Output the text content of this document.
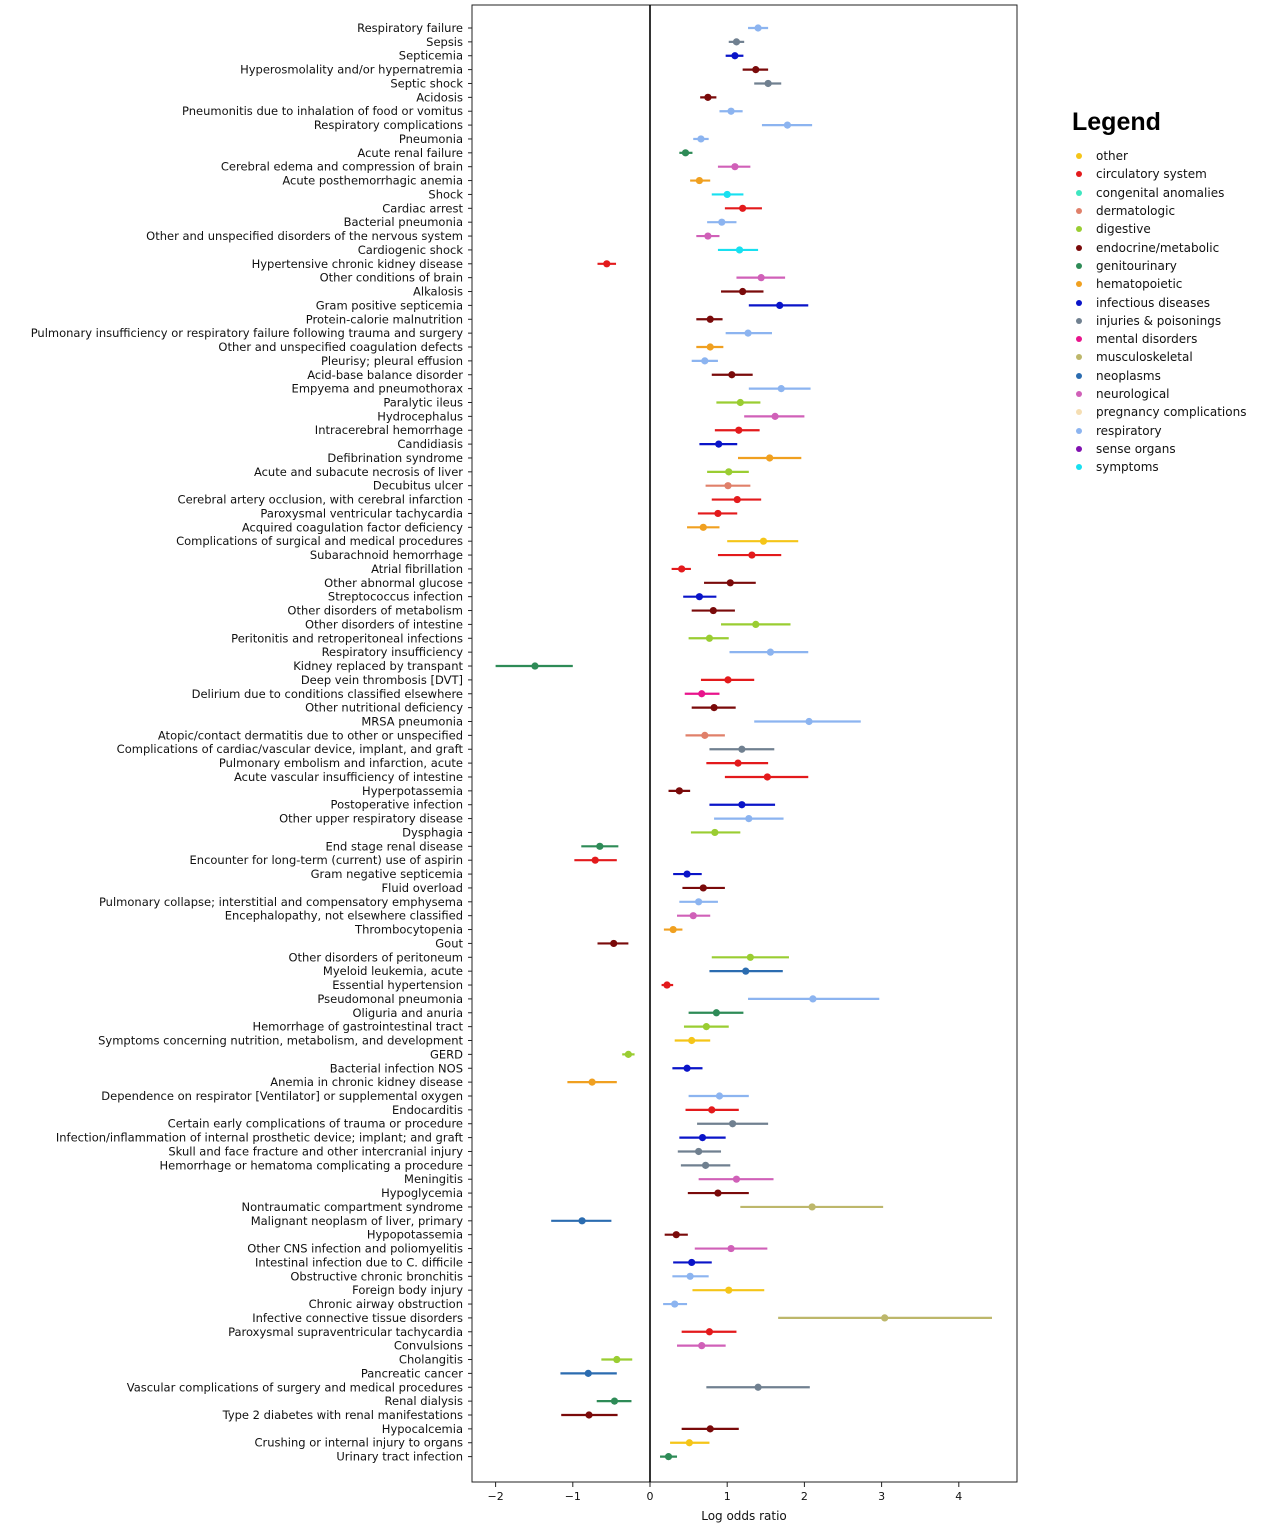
−2	−1	0	1	2	3	4
Respiratory failure
Sepsis
Septicemia
Hyperosmolality and/or hypernatremia
Septic shock
Acidosis
Pneumonitis due to inhalation of food or vomitus
Respiratory complications
Pneumonia
Acute renal failure
Cerebral edema and compression of brain
Acute posthemorrhagic anemia
Shock
Cardiac arrest
Bacterial pneumonia
Other and unspecified disorders of the nervous system
Cardiogenic shock
Hypertensive chronic kidney disease
Other conditions of brain
Alkalosis
Gram positive septicemia
Protein-calorie malnutrition
Pulmonary insufficiency or respiratory failure following trauma and surgery
Other and unspecified coagulation defects
Pleurisy; pleural effusion
Acid-base balance disorder
Empyema and pneumothorax
Paralytic ileus
Hydrocephalus
Intracerebral hemorrhage
Candidiasis
Defibrination syndrome
Acute and subacute necrosis of liver
Decubitus ulcer
Cerebral artery occlusion, with cerebral infarction
Paroxysmal ventricular tachycardia
Acquired coagulation factor deficiency
Complications of surgical and medical procedures
Subarachnoid hemorrhage
Atrial fibrillation
Other abnormal glucose
Streptococcus infection
Other disorders of metabolism
Other disorders of intestine
Peritonitis and retroperitoneal infections
Respiratory insufficiency
Kidney replaced by transpant
Deep vein thrombosis [DVT]
Delirium due to conditions classified elsewhere
Other nutritional deficiency
MRSA pneumonia
Atopic/contact dermatitis due to other or unspecified
Complications of cardiac/vascular device, implant, and graft
Pulmonary embolism and infarction, acute
Acute vascular insufficiency of intestine
Hyperpotassemia
Postoperative infection
Other upper respiratory disease
Dysphagia
End stage renal disease
Encounter for long-term (current) use of aspirin
Gram negative septicemia
Fluid overload
Pulmonary collapse; interstitial and compensatory emphysema
Encephalopathy, not elsewhere classified
Thrombocytopenia
Gout
Other disorders of peritoneum
Myeloid leukemia, acute
Essential hypertension
Pseudomonal pneumonia
Oliguria and anuria
Hemorrhage of gastrointestinal tract
Symptoms concerning nutrition, metabolism, and development
GERD
Bacterial infection NOS
Anemia in chronic kidney disease
Dependence on respirator [Ventilator] or supplemental oxygen
Endocarditis
Certain early complications of trauma or procedure
Infection/inflammation of internal prosthetic device; implant; and graft
Skull and face fracture and other intercranial injury
Hemorrhage or hematoma complicating a procedure
Meningitis
Hypoglycemia
Nontraumatic compartment syndrome
Malignant neoplasm of liver, primary
Hypopotassemia
Other CNS infection and poliomyelitis
Intestinal infection due to C. difficile
Obstructive chronic bronchitis
Foreign body injury
Chronic airway obstruction
Infective connective tissue disorders
Paroxysmal supraventricular tachycardia
Convulsions
Cholangitis
Pancreatic cancer
Vascular complications of surgery and medical procedures
Renal dialysis
Type 2 diabetes with renal manifestations
Hypocalcemia
Crushing or internal injury to organs
Urinary tract infection
Log odds ratio
Legend
other
circulatory system
congenital anomalies
dermatologic
digestive
endocrine/metabolic
genitourinary
hematopoietic
infectious diseases
injuries & poisonings
mental disorders
musculoskeletal
neoplasms
neurological
pregnancy complications
respiratory
sense organs
symptoms
